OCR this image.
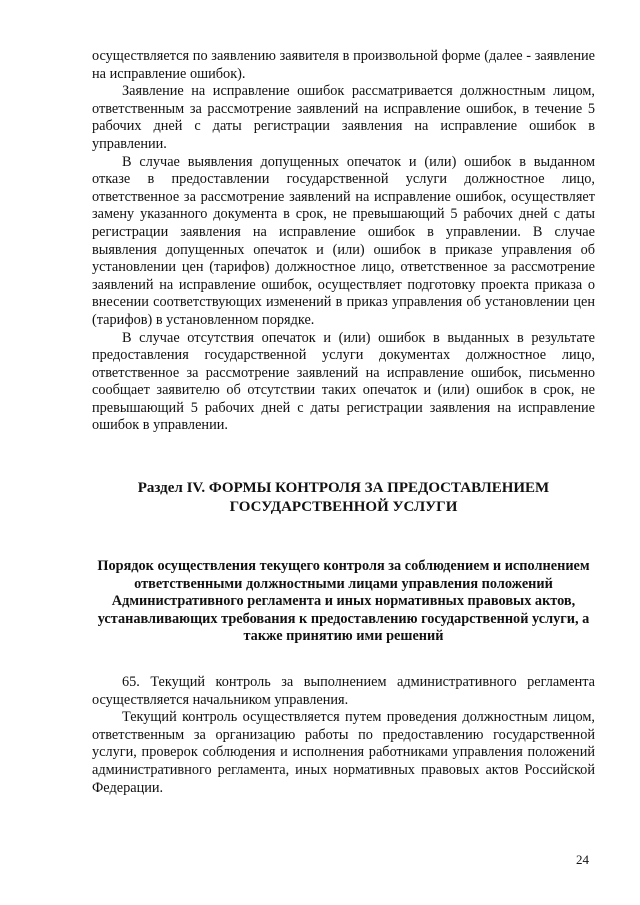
осуществляется по заявлению заявителя в произвольной форме (далее - заявление на исправление ошибок).

Заявление на исправление ошибок рассматривается должностным лицом, ответственным за рассмотрение заявлений на исправление ошибок, в течение 5 рабочих дней с даты регистрации заявления на исправление ошибок в управлении.

В случае выявления допущенных опечаток и (или) ошибок в выданном отказе в предоставлении государственной услуги должностное лицо, ответственное за рассмотрение заявлений на исправление ошибок, осуществляет замену указанного документа в срок, не превышающий 5 рабочих дней с даты регистрации заявления на исправление ошибок в управлении. В случае выявления допущенных опечаток и (или) ошибок в приказе управления об установлении цен (тарифов) должностное лицо, ответственное за рассмотрение заявлений на исправление ошибок, осуществляет подготовку проекта приказа о внесении соответствующих изменений в приказ управления об установлении цен (тарифов) в установленном порядке.

В случае отсутствия опечаток и (или) ошибок в выданных в результате предоставления государственной услуги документах должностное лицо, ответственное за рассмотрение заявлений на исправление ошибок, письменно сообщает заявителю об отсутствии таких опечаток и (или) ошибок в срок, не превышающий 5 рабочих дней с даты регистрации заявления на исправление ошибок в управлении.

Раздел IV. ФОРМЫ КОНТРОЛЯ ЗА ПРЕДОСТАВЛЕНИЕМ
ГОСУДАРСТВЕННОЙ УСЛУГИ
Порядок осуществления текущего контроля за соблюдением и исполнением ответственными должностными лицами управления положений Административного регламента и иных нормативных правовых актов, устанавливающих требования к предоставлению государственной услуги, а также принятию ими решений

65. Текущий контроль за выполнением административного регламента осуществляется начальником управления.

Текущий контроль осуществляется путем проведения должностным лицом, ответственным за организацию работы по предоставлению государственной услуги, проверок соблюдения и исполнения работниками управления положений административного регламента, иных нормативных правовых актов Российской Федерации.

24
